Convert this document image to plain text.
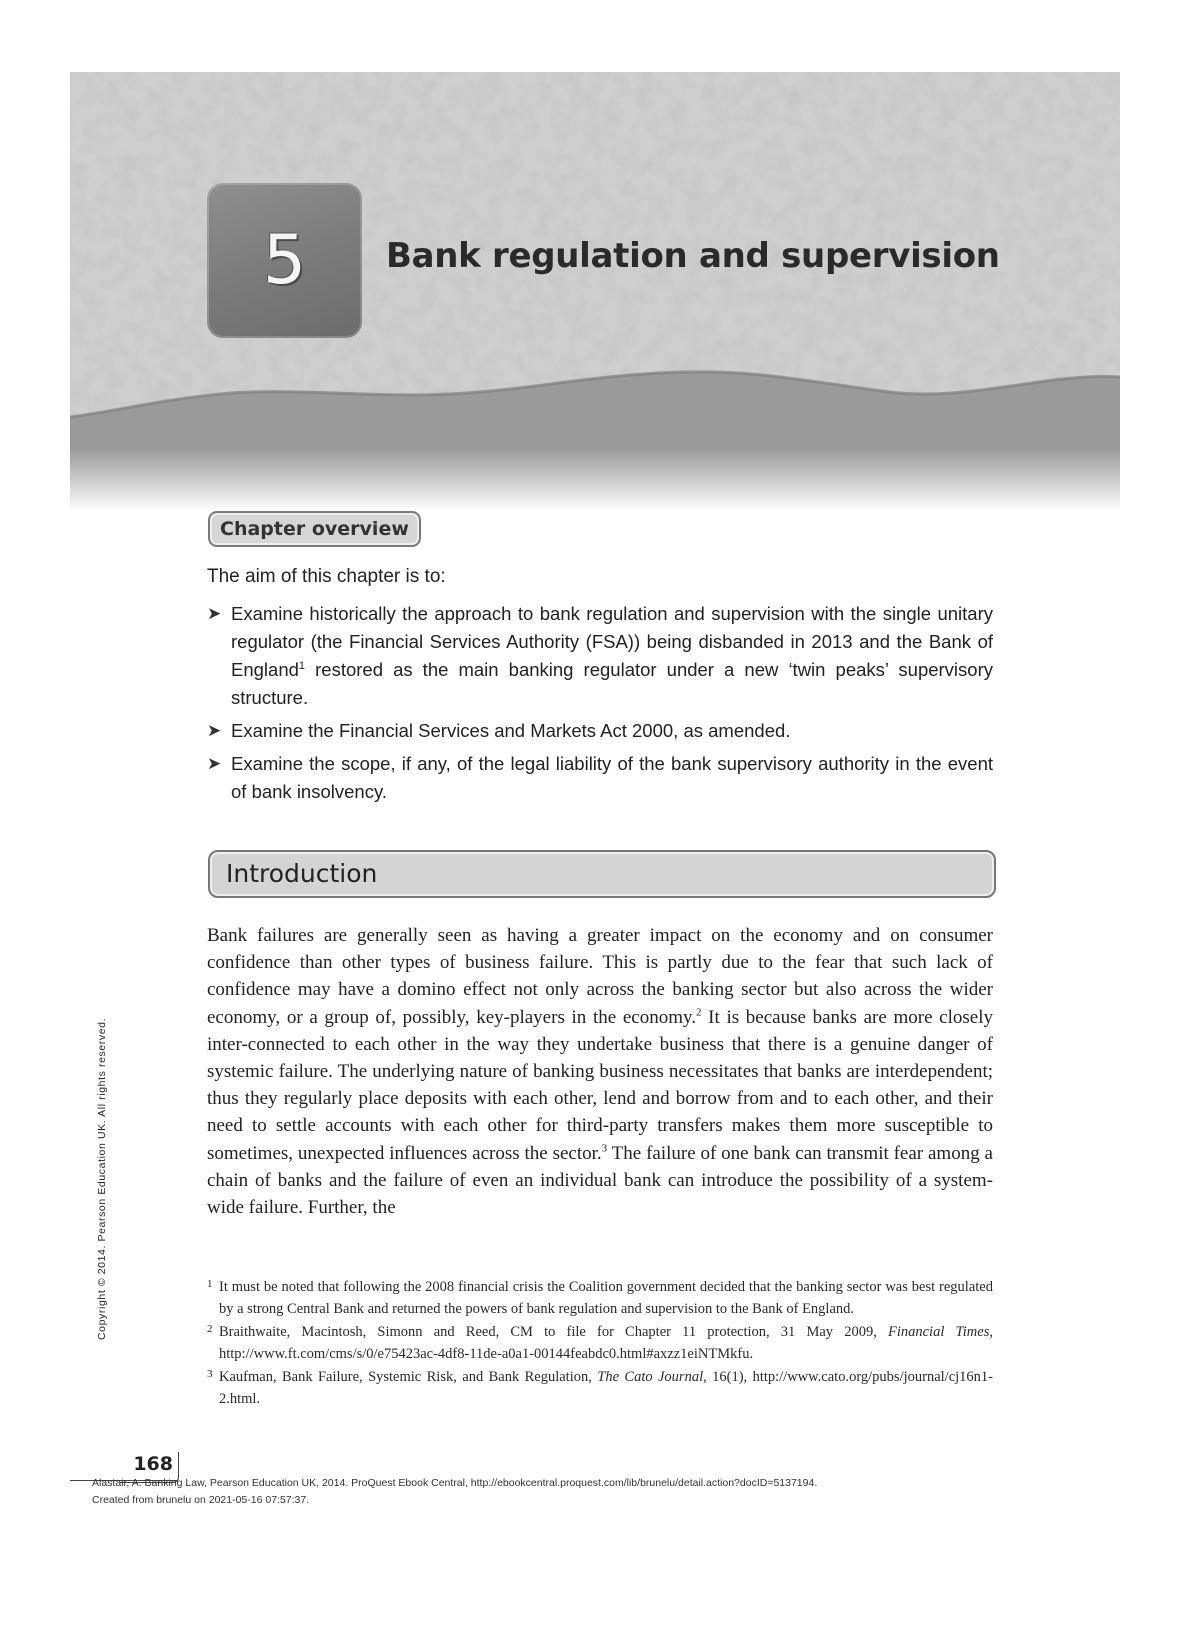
5	Bank regulation and supervision
Chapter overview
The aim of this chapter is to:
➤ Examine historically the approach to bank regulation and supervision with the single unitary regulator (the Financial Services Authority (FSA)) being disbanded in 2013 and the Bank of England$^1$ restored as the main banking regulator under a new ‘twin peaks’ supervisory structure.
➤ Examine the Financial Services and Markets Act 2000, as amended.
➤ Examine the scope, if any, of the legal liability of the bank supervisory authority in the event of bank insolvency.
Introduction
Bank failures are generally seen as having a greater impact on the economy and on consumer confidence than other types of business failure. This is partly due to the fear that such lack of confidence may have a domino effect not only across the banking sector but also across the wider economy, or a group of, possibly, key-players in the economy.$^2$ It is because banks are more closely inter-connected to each other in the way they undertake business that there is a genuine danger of systemic failure. The underlying nature of banking business necessitates that banks are interdependent; thus they regularly place deposits with each other, lend and borrow from and to each other, and their need to settle accounts with each other for third-party transfers makes them more susceptible to sometimes, unexpected influences across the sector.$^3$ The failure of one bank can transmit fear among a chain of banks and the failure of even an individual bank can introduce the possibility of a system-wide failure. Further, the
1 It must be noted that following the 2008 financial crisis the Coalition government decided that the banking sector was best regulated by a strong Central Bank and returned the powers of bank regulation and supervision to the Bank of England.
2 Braithwaite, Macintosh, Simonn and Reed, CM to file for Chapter 11 protection, 31 May 2009, Financial Times, http://www.ft.com/cms/s/0/e75423ac-4df8-11de-a0a1-00144feabdc0.html#axzz1eiNTMkfu.
3 Kaufman, Bank Failure, Systemic Risk, and Bank Regulation, The Cato Journal, 16(1), http://www.cato.org/pubs/journal/cj16n1-2.html.
Copyright © 2014. Pearson Education UK. All rights reserved.
168
Alastair, A. Banking Law, Pearson Education UK, 2014. ProQuest Ebook Central, http://ebookcentral.proquest.com/lib/brunelu/detail.action?docID=5137194.
Created from brunelu on 2021-05-16 07:57:37.
